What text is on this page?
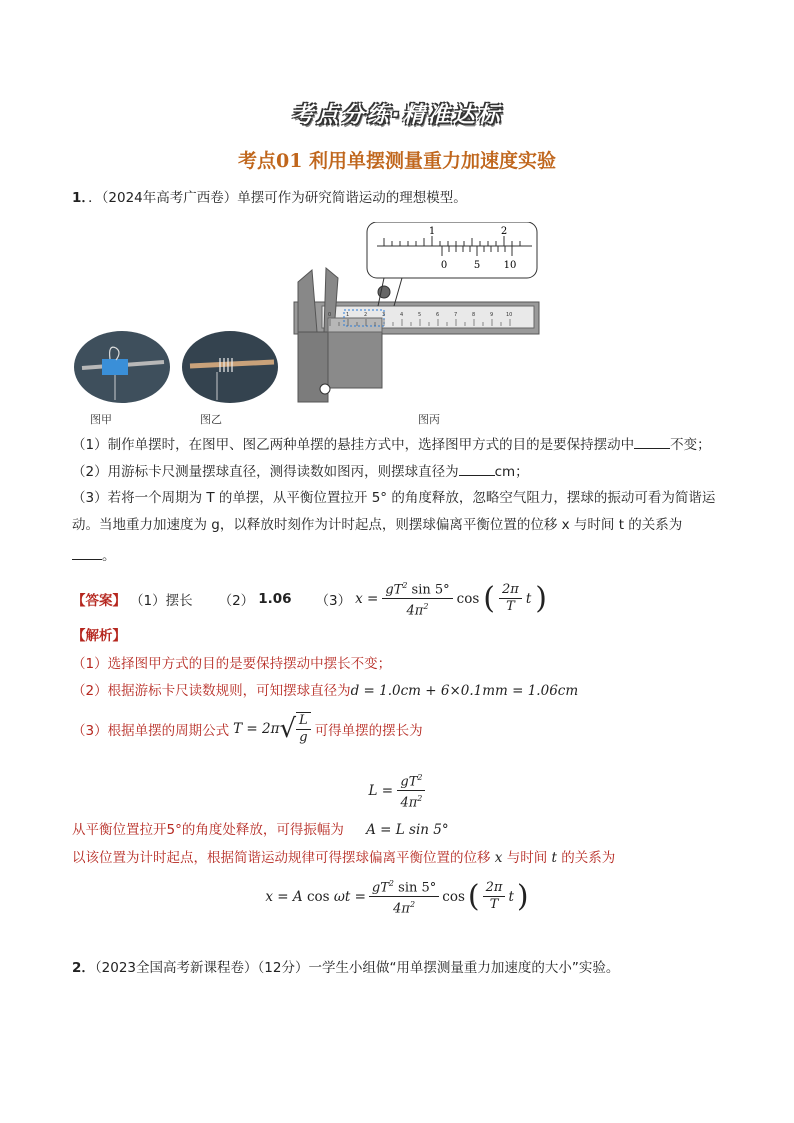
考点分练·精准达标
考点01 利用单摆测量重力加速度实验
1．．（2024年高考广西卷）单摆可作为研究简谐运动的理想模型。
1	2
0	5 10
0	1	2	3	4	5	6	7	8	9	10
图甲	图乙	图丙
（1）制作单摆时，在图甲、图乙两种单摆的悬挂方式中，选择图甲方式的目的是要保持摆动中	不变；
（2）用游标卡尺测量摆球直径，测得读数如图丙，则摆球直径为	cm；
（3）若将一个周期为 T 的单摆，从平衡位置拉开 5° 的角度释放，忽略空气阻力，摆球的振动可看为简谐运
动。当地重力加速度为 g，以释放时刻作为计时起点，则摆球偏离平衡位置的位移 x 与时间 t 的关系为
。
【答案】 （1）摆长 （2） 1.06 （3） $x = \frac{gT^2 \sin 5^\circ}{4\pi^2}$ cos ( $\frac{2\pi}{T}$ t )
【解析】
（1）选择图甲方式的目的是要保持摆动中摆长不变；
（2）根据游标卡尺读数规则，可知摆球直径为d = 1.0cm + 6×0.1mm = 1.06cm
（3）根据单摆的周期公式 T = 2π √ $\frac{L}{g}$ 可得单摆的摆长为
$L = \frac{gT^2}{4\pi^2}$
从平衡位置拉开5°的角度处释放，可得振幅为 A = L sin 5°
以该位置为计时起点，根据简谐运动规律可得摆球偏离平衡位置的位移 x 与时间 t 的关系为
x = A $\cos \omega t = \frac{gT^2 \sin 5^\circ}{4\pi^2}$ cos ( $\frac{2\pi}{T}$ t )
2．（2023全国高考新课程卷）（12分）一学生小组做“用单摆测量重力加速度的大小”实验。
